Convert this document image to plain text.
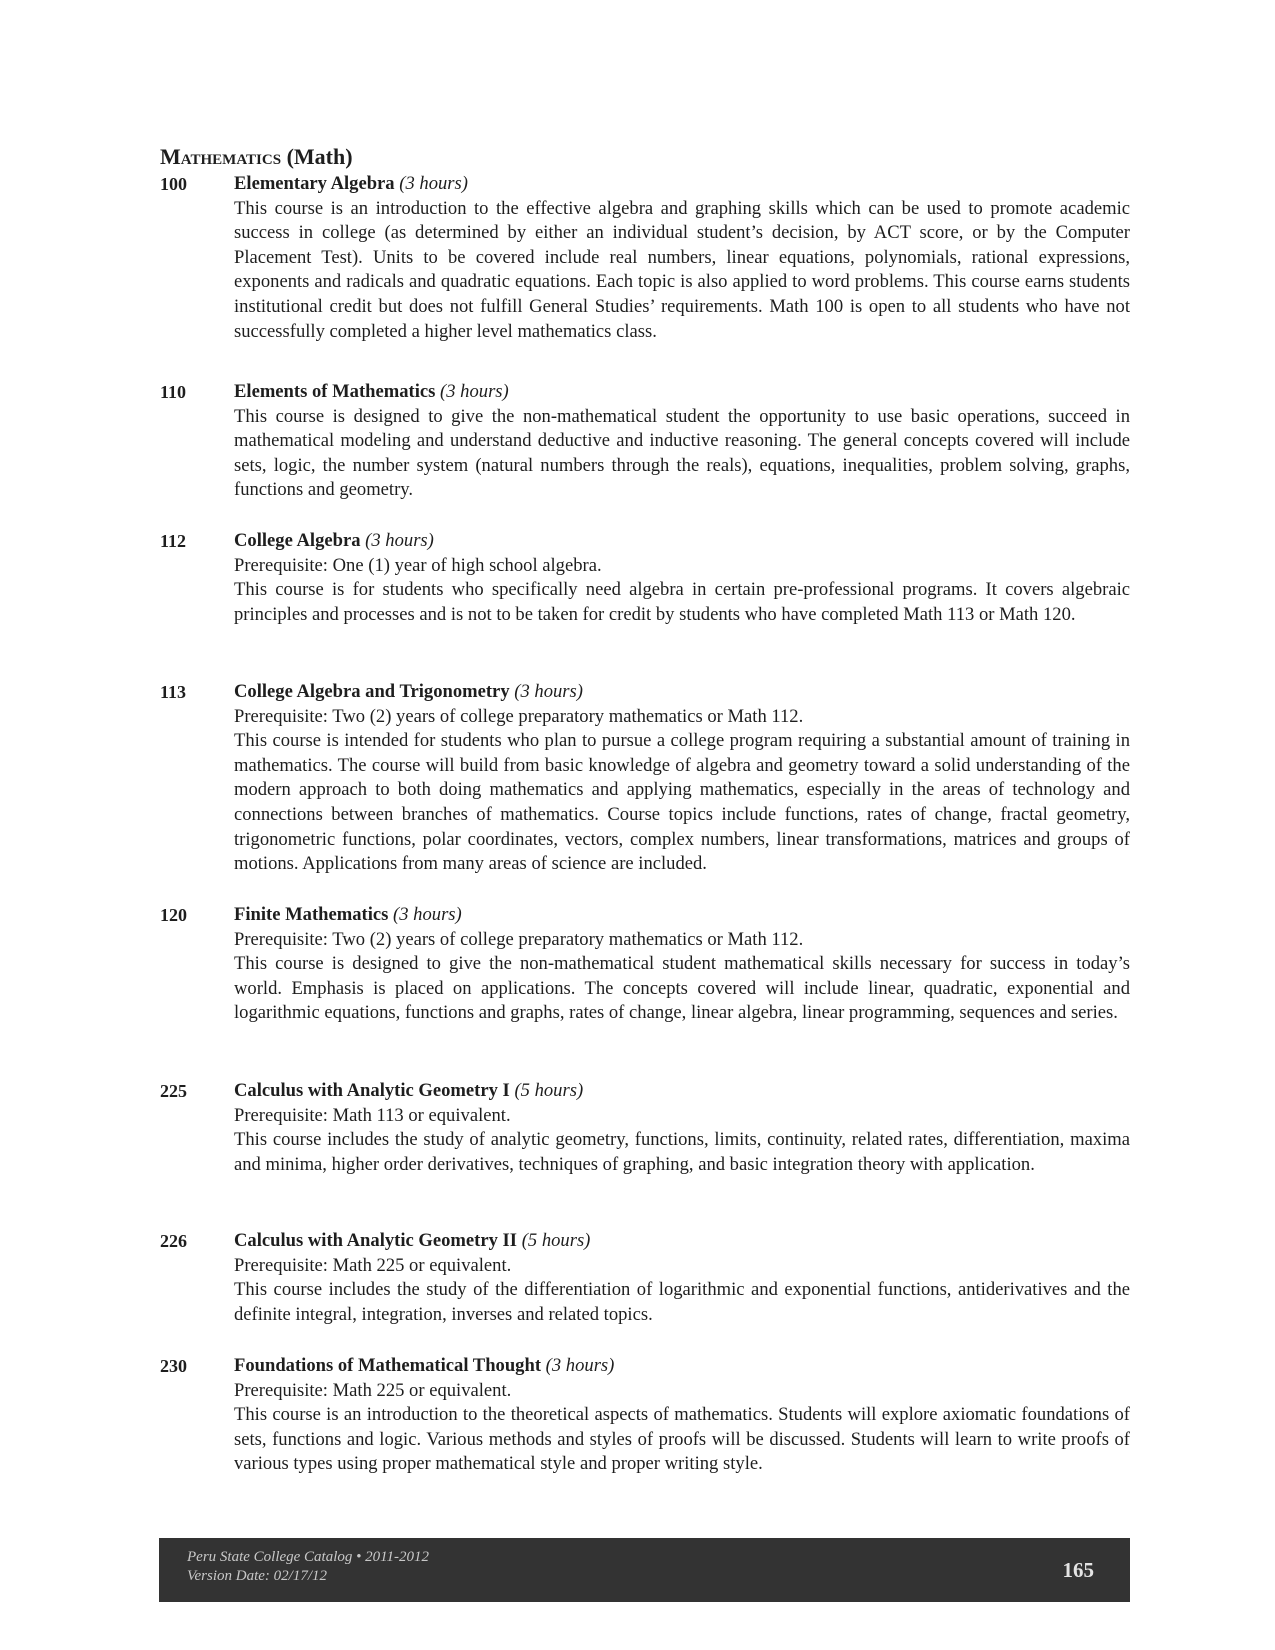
Mathematics (Math)
100	Elementary Algebra (3 hours)

This course is an introduction to the effective algebra and graphing skills which can be used to promote academic success in college (as determined by either an individual student’s decision, by ACT score, or by the Computer Placement Test). Units to be covered include real numbers, linear equations, polynomials, rational expressions, exponents and radicals and quadratic equations. Each topic is also applied to word problems. This course earns students institutional credit but does not fulfill General Studies’ requirements. Math 100 is open to all students who have not successfully completed a higher level mathematics class.

110	Elements of Mathematics (3 hours)

This course is designed to give the non-mathematical student the opportunity to use basic operations, succeed in mathematical modeling and understand deductive and inductive reasoning. The general concepts covered will include sets, logic, the number system (natural numbers through the reals), equations, inequalities, problem solving, graphs, functions and geometry.

112	College Algebra (3 hours)

Prerequisite: One (1) year of high school algebra.

This course is for students who specifically need algebra in certain pre-professional programs. It covers algebraic principles and processes and is not to be taken for credit by students who have completed Math 113 or Math 120.

113	College Algebra and Trigonometry (3 hours)

Prerequisite: Two (2) years of college preparatory mathematics or Math 112.

This course is intended for students who plan to pursue a college program requiring a substantial amount of training in mathematics. The course will build from basic knowledge of algebra and geometry toward a solid understanding of the modern approach to both doing mathematics and applying mathematics, especially in the areas of technology and connections between branches of mathematics. Course topics include functions, rates of change, fractal geometry, trigonometric functions, polar coordinates, vectors, complex numbers, linear transformations, matrices and groups of motions. Applications from many areas of science are included.

120	Finite Mathematics (3 hours)

Prerequisite: Two (2) years of college preparatory mathematics or Math 112.

This course is designed to give the non-mathematical student mathematical skills necessary for success in today’s world. Emphasis is placed on applications. The concepts covered will include linear, quadratic, exponential and logarithmic equations, functions and graphs, rates of change, linear algebra, linear programming, sequences and series.

225	Calculus with Analytic Geometry I (5 hours)

Prerequisite: Math 113 or equivalent.

This course includes the study of analytic geometry, functions, limits, continuity, related rates, differentiation, maxima and minima, higher order derivatives, techniques of graphing, and basic integration theory with application.

226	Calculus with Analytic Geometry II (5 hours)

Prerequisite: Math 225 or equivalent.

This course includes the study of the differentiation of logarithmic and exponential functions, antiderivatives and the definite integral, integration, inverses and related topics.

230	Foundations of Mathematical Thought (3 hours)

Prerequisite: Math 225 or equivalent.

This course is an introduction to the theoretical aspects of mathematics. Students will explore axiomatic foundations of sets, functions and logic. Various methods and styles of proofs will be discussed. Students will learn to write proofs of various types using proper mathematical style and proper writing style.

Peru State College Catalog • 2011-2012
Version Date: 02/17/12	165
